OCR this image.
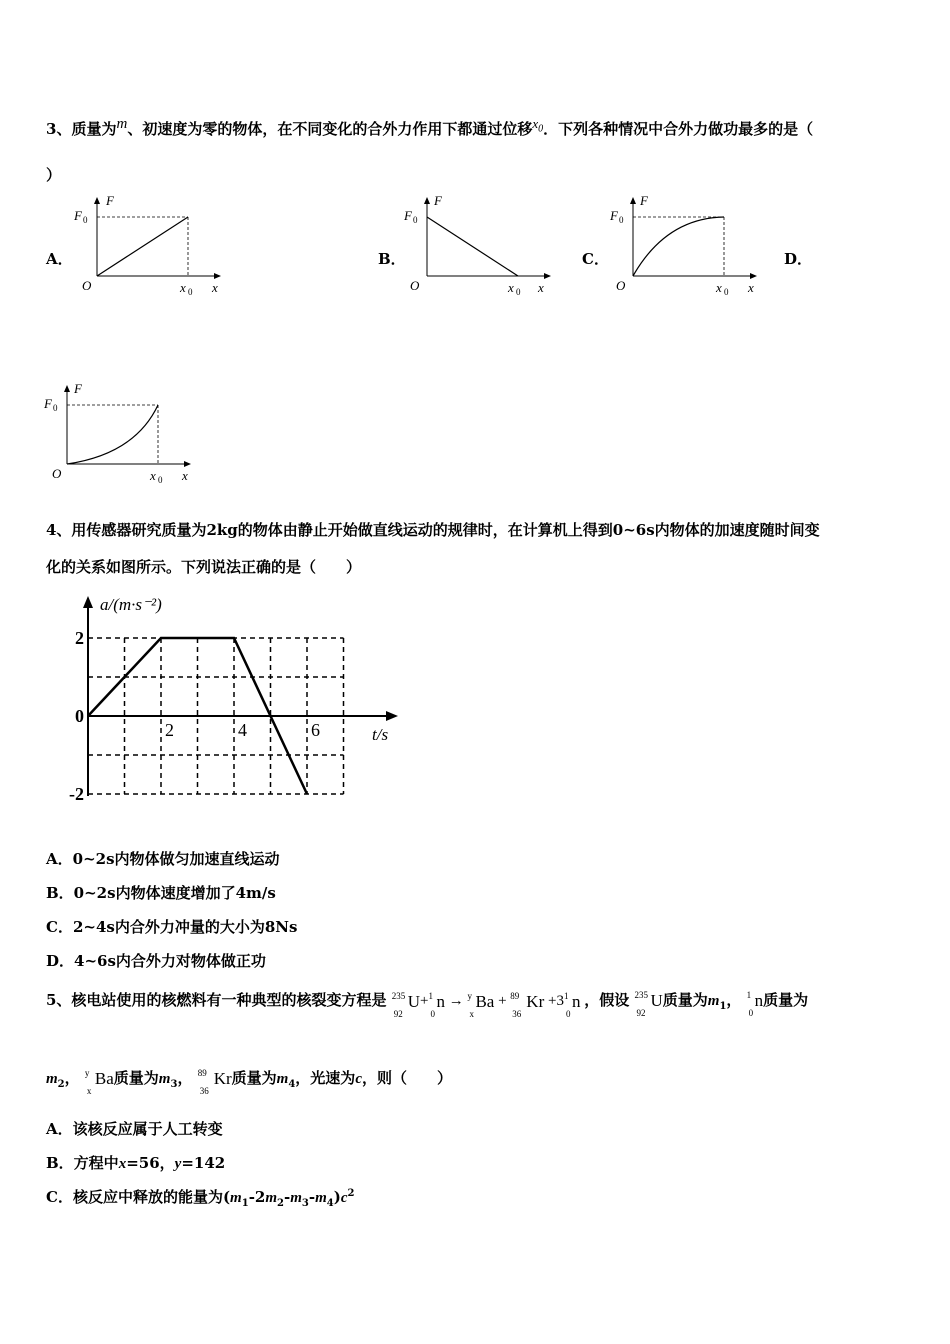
3、质量为$^m$、初速度为零的物体，在不同变化的合外力作用下都通过位移$^{x_0}$．下列各种情况中合外力做功最多的是（
）
A．	B．	C．	D．
F
F 0
O	x 0 x
F
F 0
O	x 0 x
F
F 0
O	x 0 x
F
F 0
O	x 0 x
4、用传感器研究质量为2kg的物体由静止开始做直线运动的规律时，在计算机上得到0~6s内物体的加速度随时间变
化的关系如图所示。下列说法正确的是（　　）
a/(m·s⁻²)
t/s
2
0
-2
2	4	6
A．0~2s内物体做匀加速直线运动
B．0~2s内物体速度增加了4m/s
C．2~4s内合外力冲量的大小为8Ns
D．4~6s内合外力对物体做正功
5、核电站使用的核燃料有一种典型的核裂变方程是 235
92
U+ 1
0
n → y
x
Ba + 89
36
Kr +3 1
0
n ，假设 235
92
U质量为$m_1$， 1
0
n质量为
$m_2$， y
x
Ba质量为$m_3$， 89
36
Kr质量为$m_4$，光速为c，则（　　）
A．该核反应属于人工转变
B．方程中x=56，y=142
C．核反应中释放的能量为$(m_1-2m_2-m_3-m_4)c^2$
